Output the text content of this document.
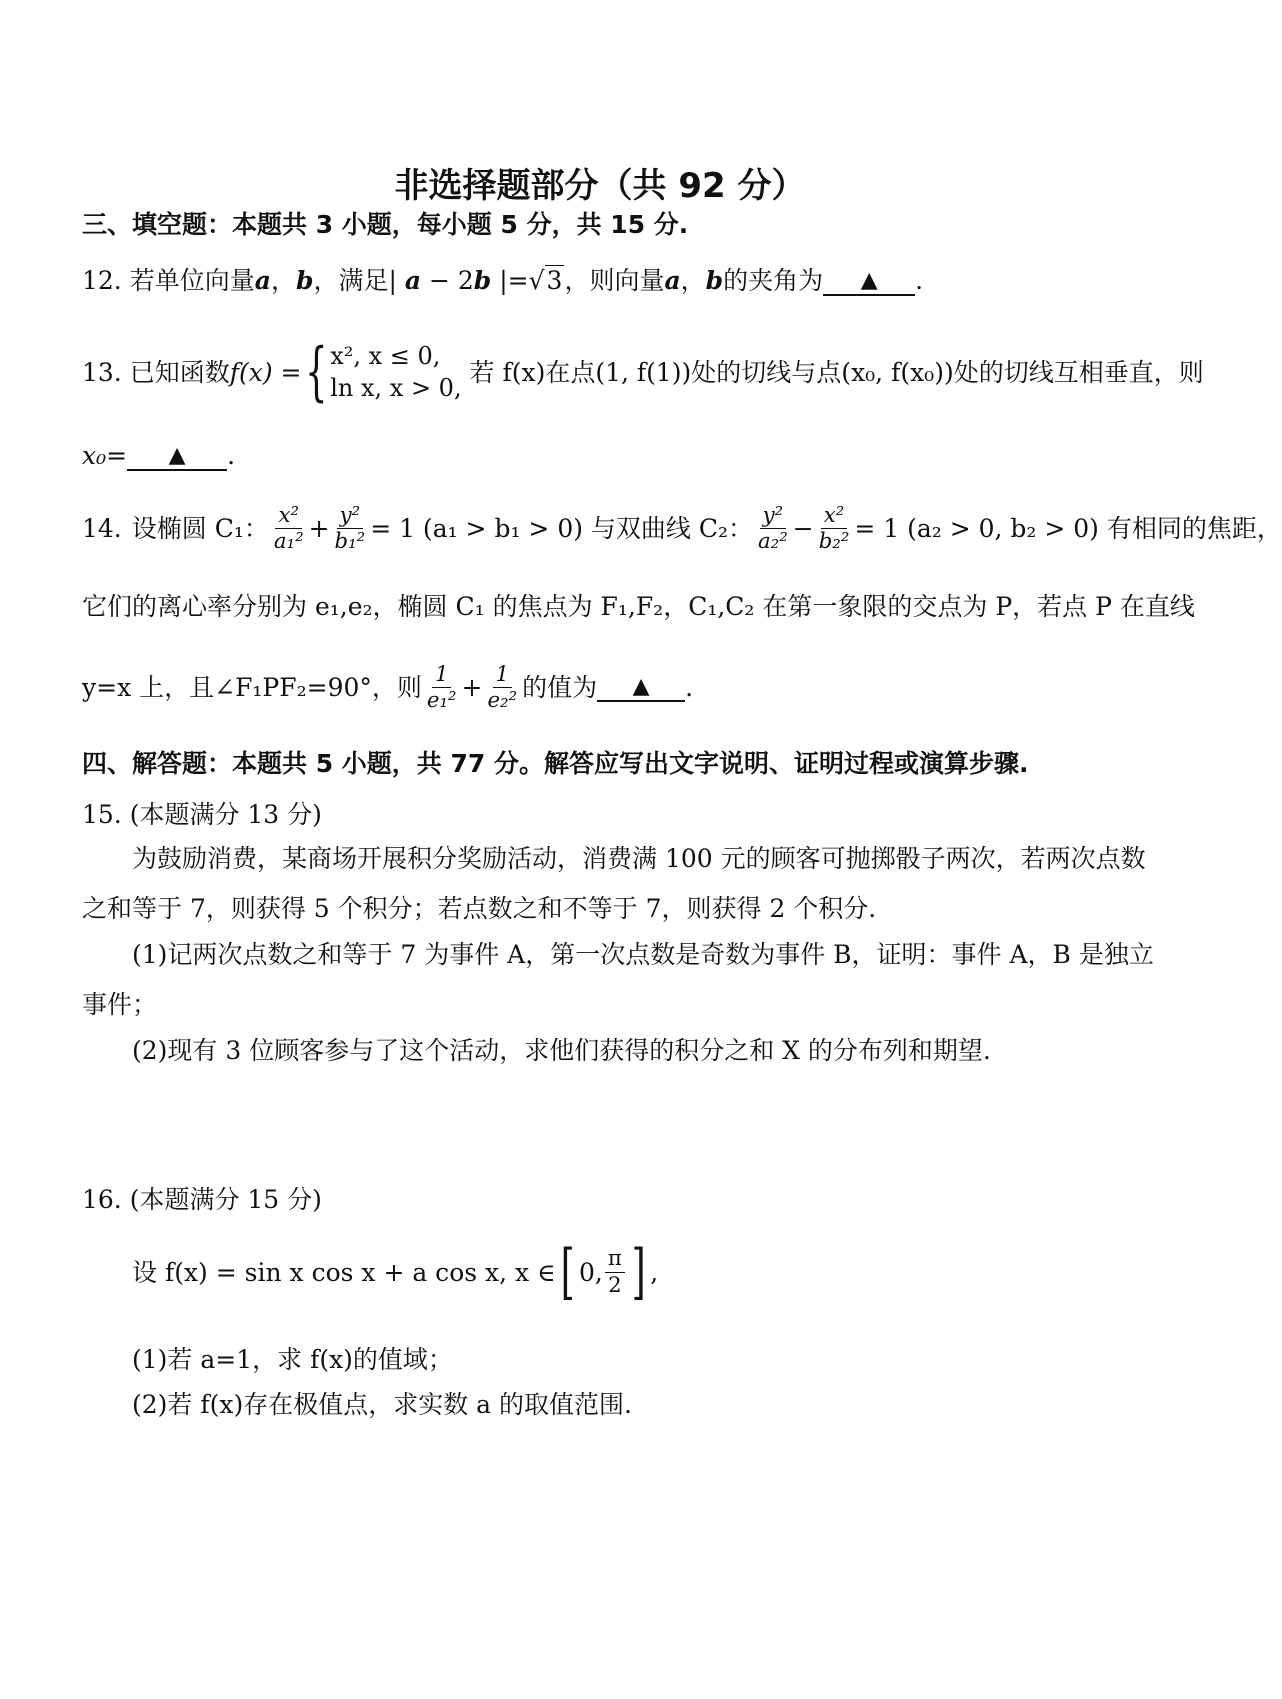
非选择题部分（共 92 分）
三、填空题：本题共 3 小题，每小题 5 分，共 15 分.
12. 若单位向量a，b，满足| a − 2b |=√3，则向量a，b的夹角为 ▲ .
13. 已知函数f(x) ={ x², x ≤ 0,
ln x, x > 0,
若 f(x)在点(1, f(1))处的切线与点(x₀, f(x₀))处的切线互相垂直，则
x₀= ▲ .
14. 设椭圆 C₁： $\frac{\text{x²}}{\text{a₁²}} + \frac{\text{y²}}{\text{b₁²}} = 1$ (a₁ > b₁ > 0) 与双曲线 C₂： $\frac{\text{y²}}{\text{a₂²}} - \frac{\text{x²}}{\text{b₂²}} = 1$ (a₂ > 0, b₂ > 0) 有相同的焦距，
它们的离心率分别为 e₁,e₂，椭圆 C₁ 的焦点为 F₁,F₂，C₁,C₂ 在第一象限的交点为 P，若点 P 在直线
y=x 上，且∠F₁PF₂=90°，则 $\frac{1}{\text{e₁²}} + \frac{1}{\text{e₂²}}$ 的值为	▲	.
四、解答题：本题共 5 小题，共 77 分。解答应写出文字说明、证明过程或演算步骤.
15. (本题满分 13 分)
为鼓励消费，某商场开展积分奖励活动，消费满 100 元的顾客可抛掷骰子两次，若两次点数
之和等于 7，则获得 5 个积分；若点数之和不等于 7，则获得 2 个积分.
(1)记两次点数之和等于 7 为事件 A，第一次点数是奇数为事件 B，证明：事件 A，B 是独立
事件；
(2)现有 3 位顾客参与了这个活动，求他们获得的积分之和 X 的分布列和期望.
16. (本题满分 15 分)
设 f(x) = sin x cos x + a cos x, x ∈ [ 0, $\frac{\pi}{2}$ ] ,
(1)若 a=1，求 f(x)的值域；
(2)若 f(x)存在极值点，求实数 a 的取值范围.
